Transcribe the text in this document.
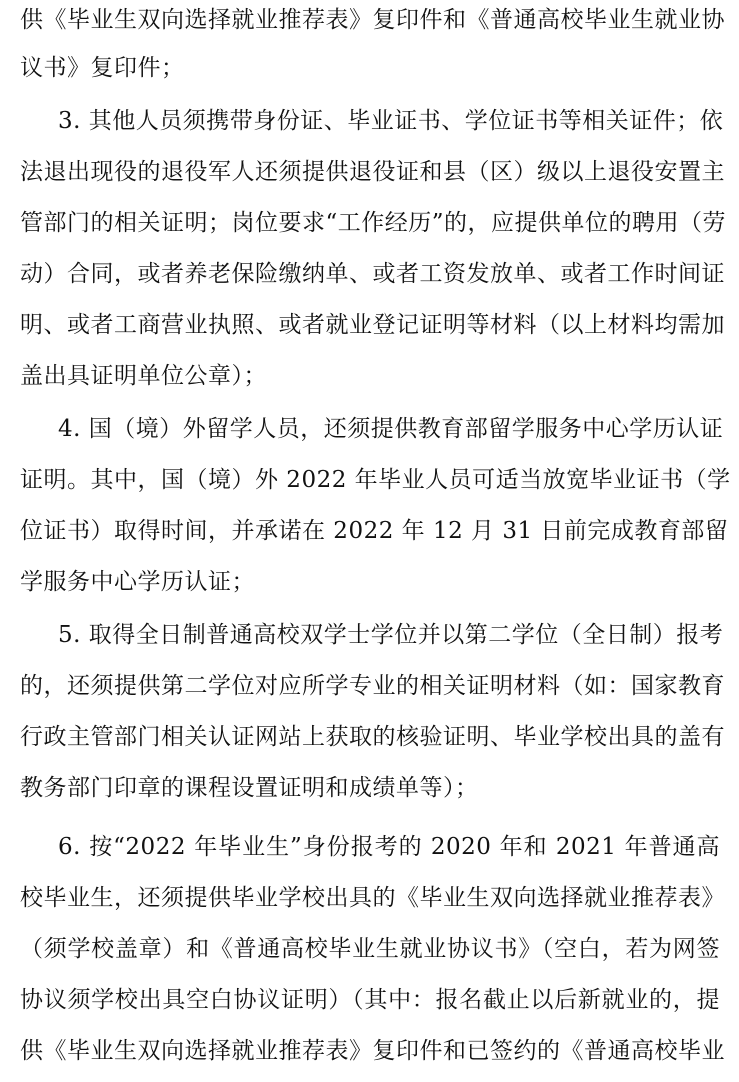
供《毕业生双向选择就业推荐表》复印件和《普通高校毕业生就业协
议书》复印件；
3. 其他人员须携带身份证、毕业证书、学位证书等相关证件；依
法退出现役的退役军人还须提供退役证和县（区）级以上退役安置主
管部门的相关证明；岗位要求“工作经历”的，应提供单位的聘用（劳
动）合同，或者养老保险缴纳单、或者工资发放单、或者工作时间证
明、或者工商营业执照、或者就业登记证明等材料（以上材料均需加
盖出具证明单位公章）；
4. 国（境）外留学人员，还须提供教育部留学服务中心学历认证
证明。其中，国（境）外 2022 年毕业人员可适当放宽毕业证书（学
位证书）取得时间，并承诺在 2022 年 12 月 31 日前完成教育部留
学服务中心学历认证；
5. 取得全日制普通高校双学士学位并以第二学位（全日制）报考
的，还须提供第二学位对应所学专业的相关证明材料（如：国家教育
行政主管部门相关认证网站上获取的核验证明、毕业学校出具的盖有
教务部门印章的课程设置证明和成绩单等）；
6. 按“2022 年毕业生”身份报考的 2020 年和 2021 年普通高
校毕业生，还须提供毕业学校出具的《毕业生双向选择就业推荐表》
（须学校盖章）和《普通高校毕业生就业协议书》（空白，若为网签
协议须学校出具空白协议证明）（其中：报名截止以后新就业的，提
供《毕业生双向选择就业推荐表》复印件和已签约的《普通高校毕业
